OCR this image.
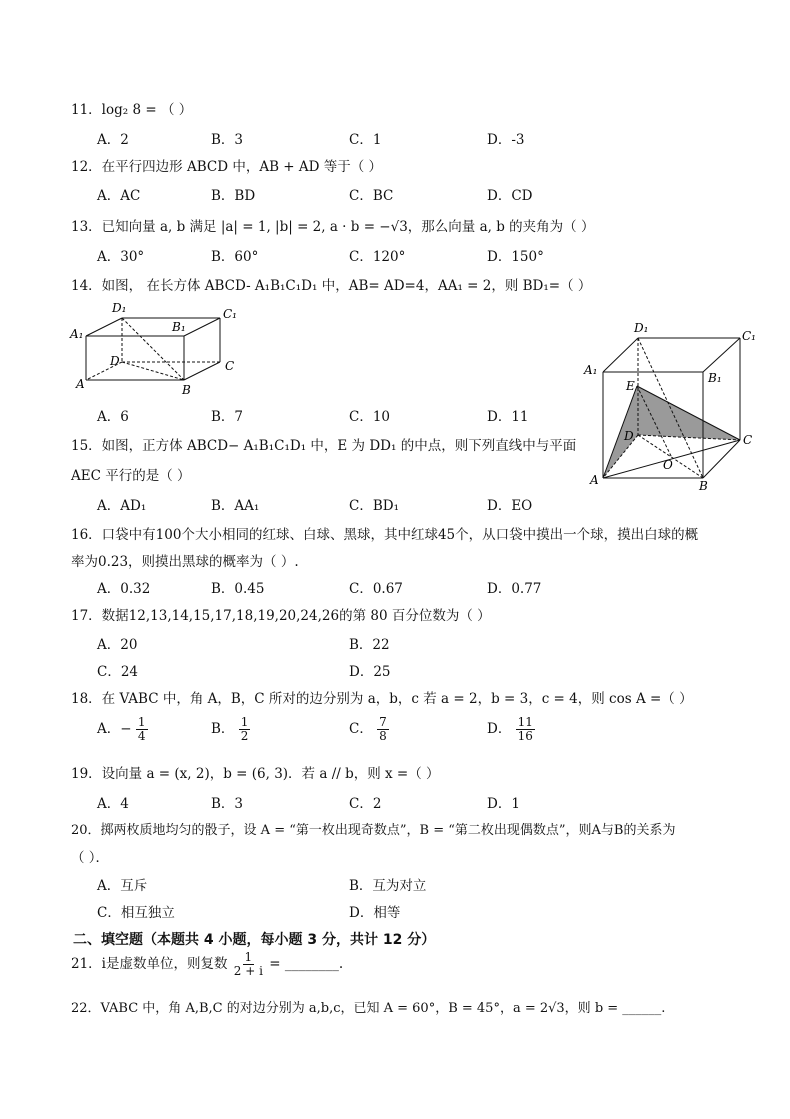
11．log₂ 8 = （ ）
A．2	B．3	C．1	D．-3
12．在平行四边形 ABCD 中，AB + AD 等于（ ）
A．AC	B．BD	C．BC	D．CD
13．已知向量 a, b 满足 |a| = 1, |b| = 2, a · b = −√3，那么向量 a, b 的夹角为（ ）
A．30°	B．60°	C．120°	D．150°
14．如图， 在长方体 ABCD- A₁B₁C₁D₁ 中，AB= AD=4，AA₁ = 2，则 BD₁=（ ）
D₁	C₁
A₁	B₁
D	C
A	B
A．6	B．7	C．10	D．11
D₁
C₁
A₁
B₁
E
D	C
O
A	B
15．如图，正方体 ABCD− A₁B₁C₁D₁ 中，E 为 DD₁ 的中点，则下列直线中与平面
AEC 平行的是（ ）
A．AD₁	B．AA₁	C．BD₁	D．EO
16．口袋中有100个大小相同的红球、白球、黑球，其中红球45个，从口袋中摸出一个球，摸出白球的概
率为0.23，则摸出黑球的概率为（ ）.
A．0.32	B．0.45	C．0.67	D．0.77
17．数据12,13,14,15,17,18,19,20,24,26的第 80 百分位数为（ ）
A．20	B．22
C．24	D．25
18．在 VABC 中，角 A，B，C 所对的边分别为 a，b，c 若 a = 2，b = 3，c = 4，则 cos A =（ ）
A．− $\frac{1}{4}$	B． $\frac{1}{2}$	C． $\frac{7}{8}$	D． $\frac{11}{16}$
19．设向量 a = (x, 2)，b = (6, 3)．若 a // b，则 x =（ ）
A．4	B．3	C．2	D．1
20．掷两枚质地均匀的骰子，设 A = “第一枚出现奇数点”，B = “第二枚出现偶数点”，则A与B的关系为
（ ）．
A．互斥	B．互为对立
C．相互独立	D．相等
二、填空题（本题共 4 小题，每小题 3 分，共计 12 分）
21．i是虚数单位，则复数 $\frac{1}{2 + i}$ = ________.
22．VABC 中，角 A,B,C 的对边分别为 a,b,c，已知 A = 60°，B = 45°，a = 2√3，则 b = ______.
